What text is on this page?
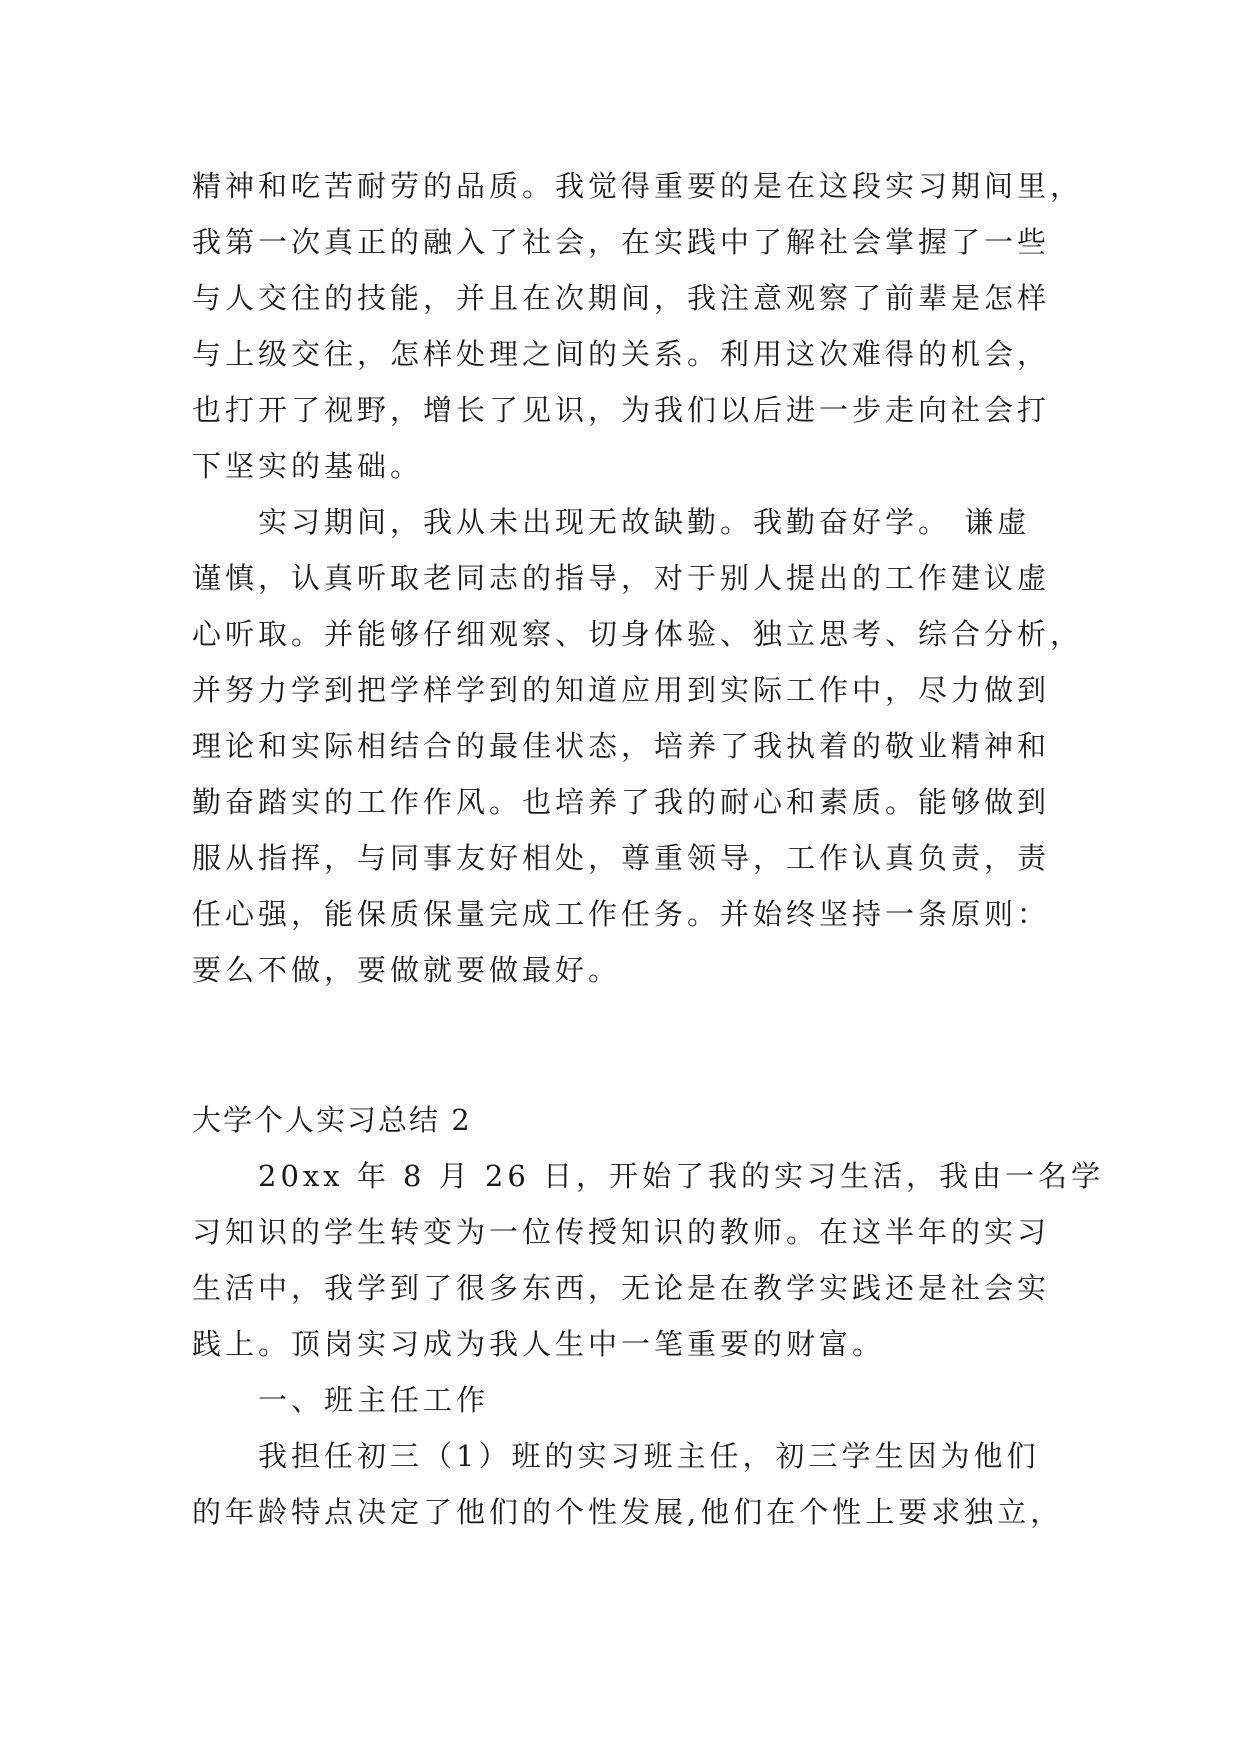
精神和吃苦耐劳的品质。我觉得重要的是在这段实习期间里，
我第一次真正的融入了社会，在实践中了解社会掌握了一些
与人交往的技能，并且在次期间，我注意观察了前辈是怎样
与上级交往，怎样处理之间的关系。利用这次难得的机会，
也打开了视野，增长了见识，为我们以后进一步走向社会打
下坚实的基础。
实习期间，我从未出现无故缺勤。我勤奋好学。 谦虚
谨慎，认真听取老同志的指导，对于别人提出的工作建议虚
心听取。并能够仔细观察、切身体验、独立思考、综合分析，
并努力学到把学样学到的知道应用到实际工作中，尽力做到
理论和实际相结合的最佳状态，培养了我执着的敬业精神和
勤奋踏实的工作作风。也培养了我的耐心和素质。能够做到
服从指挥，与同事友好相处，尊重领导，工作认真负责，责
任心强，能保质保量完成工作任务。并始终坚持一条原则：
要么不做，要做就要做最好。
大学个人实习总结 2
20xx 年 8 月 26 日，开始了我的实习生活，我由一名学
习知识的学生转变为一位传授知识的教师。在这半年的实习
生活中，我学到了很多东西，无论是在教学实践还是社会实
践上。顶岗实习成为我人生中一笔重要的财富。
一、班主任工作
我担任初三（1）班的实习班主任，初三学生因为他们
的年龄特点决定了他们的个性发展,他们在个性上要求独立，
